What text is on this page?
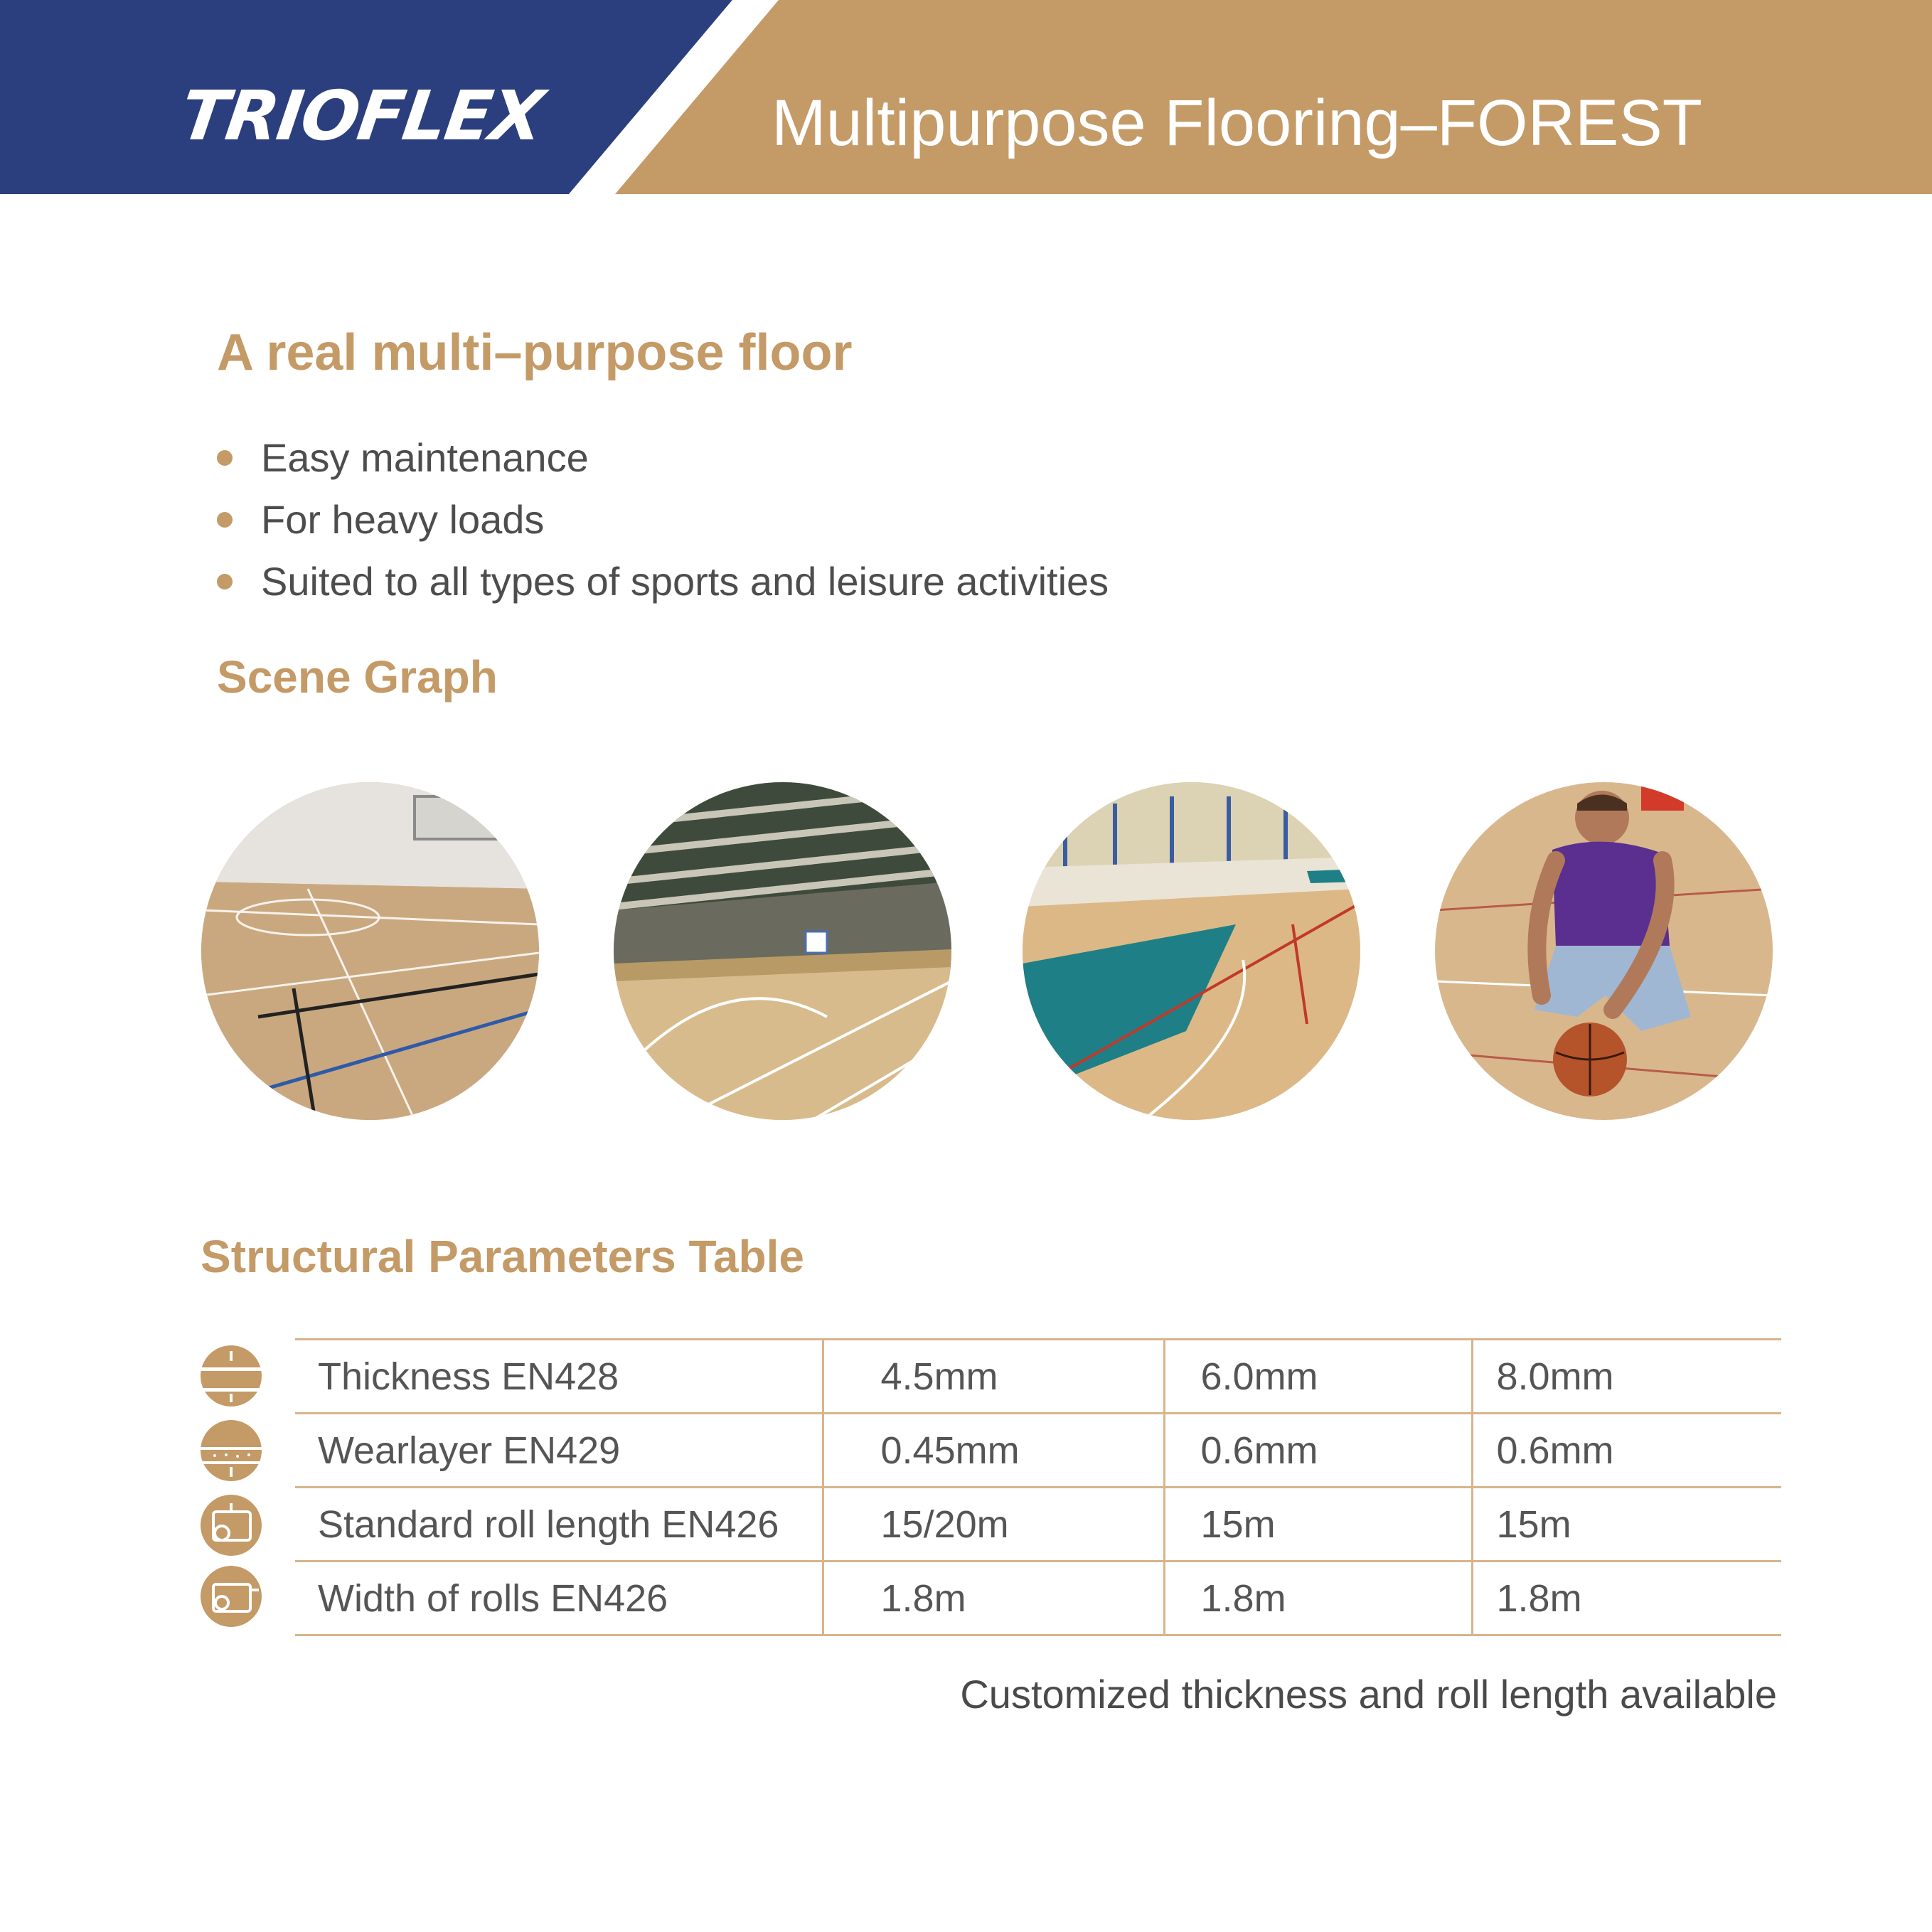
TRIOFLEX	Multipurpose Flooring–FOREST
A real multi–purpose floor
Easy maintenance
For heavy loads
Suited to all types of sports and leisure activities
Scene Graph
Structural Parameters Table
Thickness EN428	4.5mm	6.0mm	8.0mm
Wearlayer EN429	0.45mm	0.6mm	0.6mm
Standard roll length EN426	15/20m	15m	15m
Width of rolls EN426	1.8m	1.8m	1.8m
Customized thickness and roll length available
